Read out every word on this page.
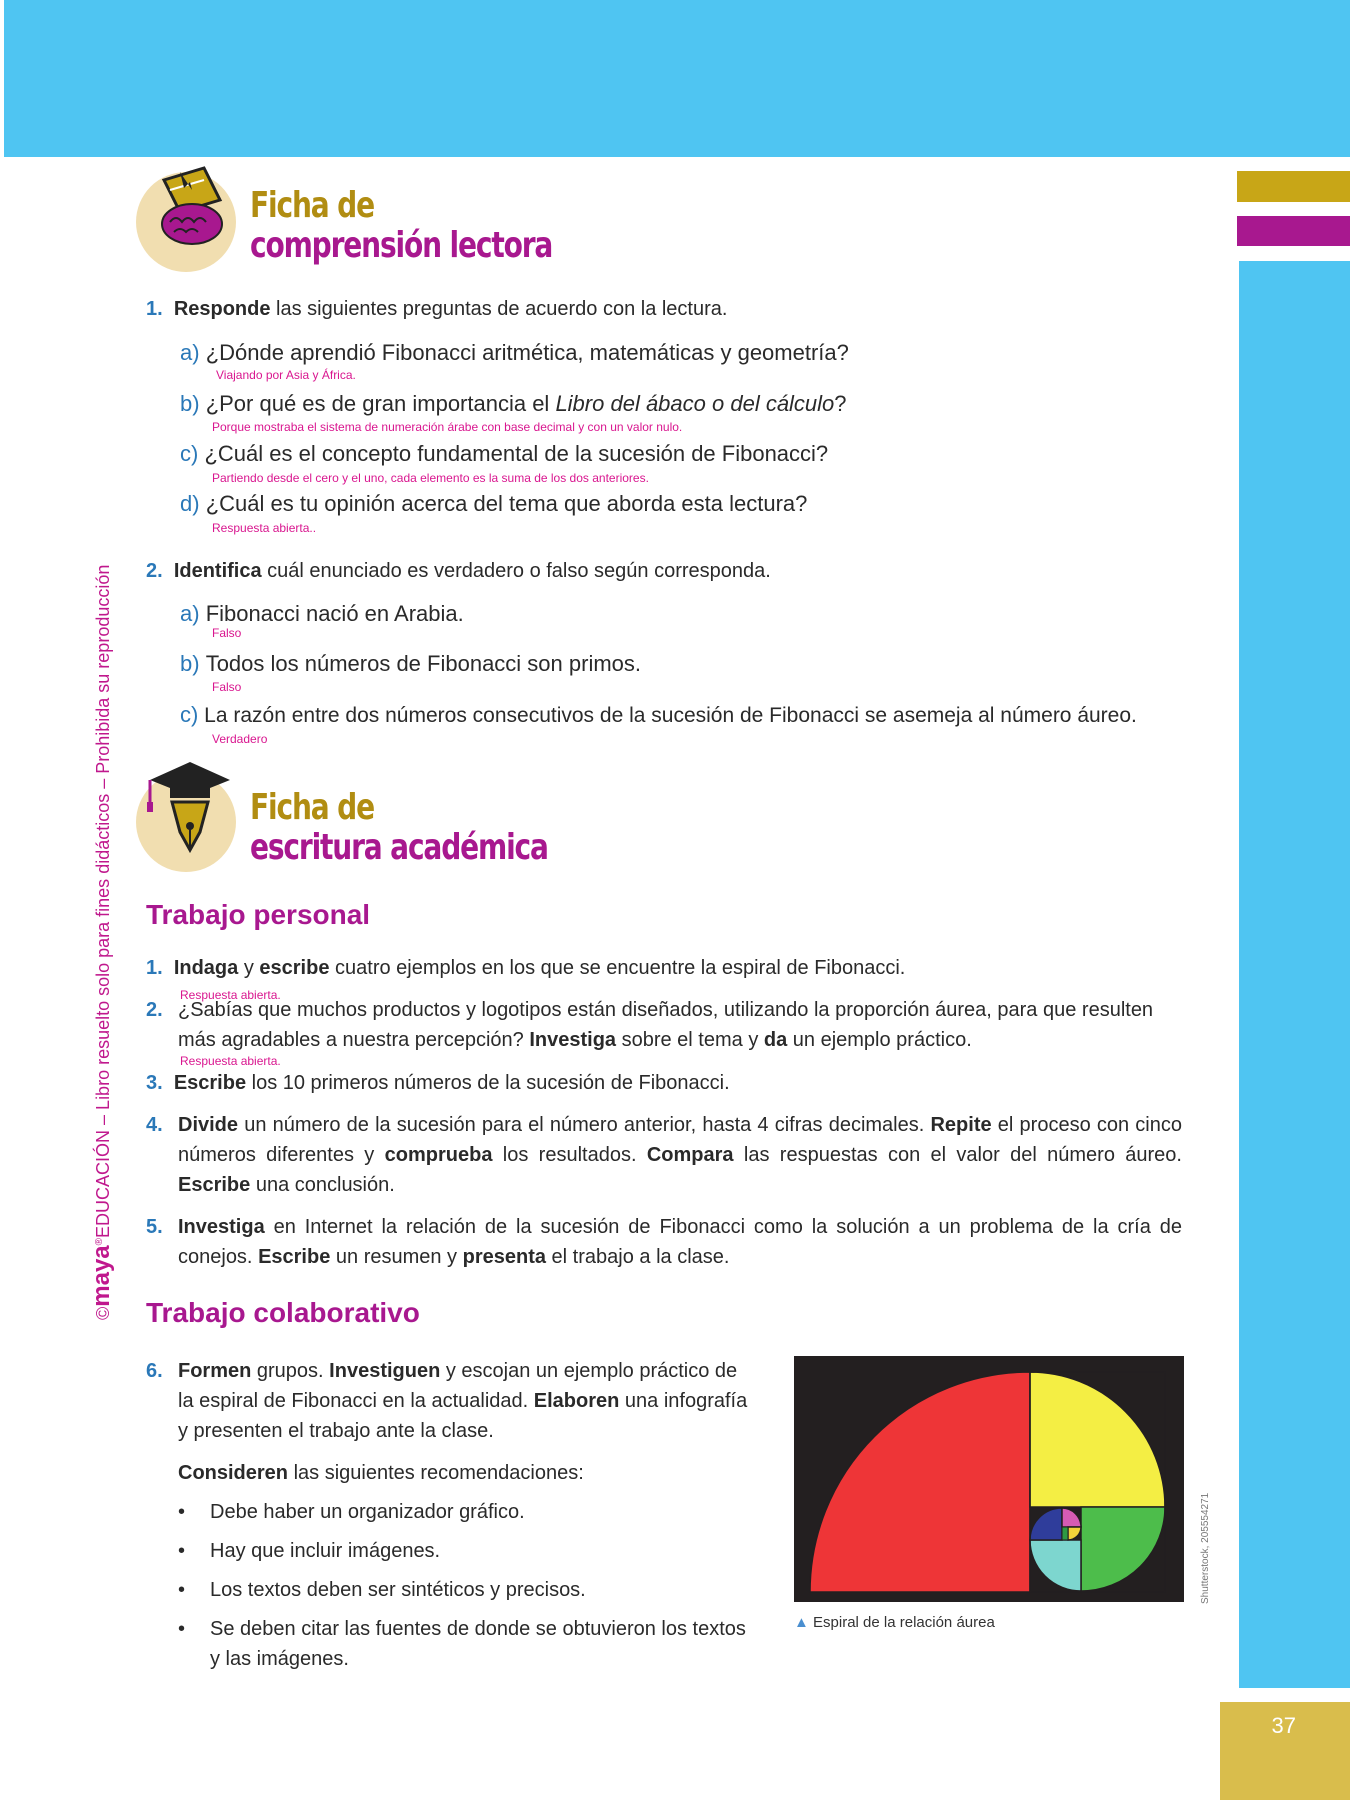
37
©maya®EDUCACIÓN – Libro resuelto solo para fines didácticos – Prohibida su reproducción
Ficha de
comprensión lectora
1. Responde las siguientes preguntas de acuerdo con la lectura.
a) ¿Dónde aprendió Fibonacci aritmética, matemáticas y geometría?
Viajando por Asia y África.
b) ¿Por qué es de gran importancia el Libro del ábaco o del cálculo?
Porque mostraba el sistema de numeración árabe con base decimal y con un valor nulo.
c) ¿Cuál es el concepto fundamental de la sucesión de Fibonacci?
Partiendo desde el cero y el uno, cada elemento es la suma de los dos anteriores.
d) ¿Cuál es tu opinión acerca del tema que aborda esta lectura?
Respuesta abierta..
2. Identifica cuál enunciado es verdadero o falso según corresponda.
a) Fibonacci nació en Arabia.
Falso
b) Todos los números de Fibonacci son primos.
Falso
c) La razón entre dos números consecutivos de la sucesión de Fibonacci se asemeja al número áureo.
Verdadero
Ficha de
escritura académica
Trabajo personal
1. Indaga y escribe cuatro ejemplos en los que se encuentre la espiral de Fibonacci.
Respuesta abierta.
2. ¿Sabías que muchos productos y logotipos están diseñados, utilizando la proporción áurea, para que resulten más agradables a nuestra percepción? Investiga sobre el tema y da un ejemplo práctico.
Respuesta abierta.
3. Escribe los 10 primeros números de la sucesión de Fibonacci.
4. Divide un número de la sucesión para el número anterior, hasta 4 cifras decimales. Repite el proceso con cinco números diferentes y comprueba los resultados. Compara las respuestas con el valor del número áureo. Escribe una conclusión.
5. Investiga en Internet la relación de la sucesión de Fibonacci como la solución a un problema de la cría de conejos. Escribe un resumen y presenta el trabajo a la clase.
Trabajo colaborativo
6. Formen grupos. Investiguen y escojan un ejemplo práctico de la espiral de Fibonacci en la actualidad. Elaboren una infografía y presenten el trabajo ante la clase.
Consideren las siguientes recomendaciones:
• Debe haber un organizador gráfico.
• Hay que incluir imágenes.
• Los textos deben ser sintéticos y precisos.
• Se deben citar las fuentes de donde se obtuvieron los textos y las imágenes.
Shutterstock, 205554271
▲ Espiral de la relación áurea
